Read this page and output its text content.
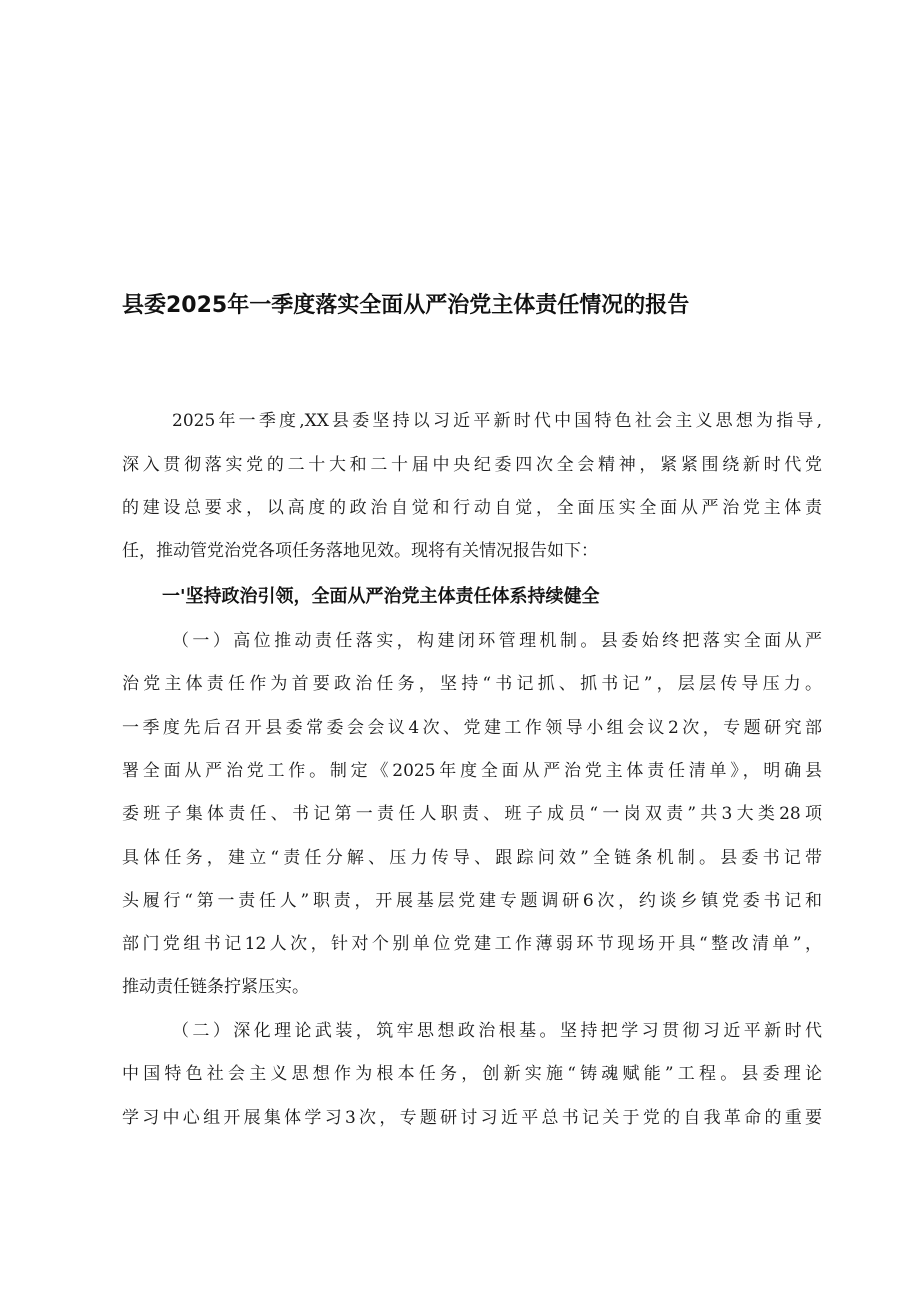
县委2025年一季度落实全面从严治党主体责任情况的报告
2025年一季度,XX县委坚持以习近平新时代中国特色社会主义思想为指导,
深入贯彻落实党的二十大和二十届中央纪委四次全会精神，紧紧围绕新时代党
的建设总要求，以高度的政治自觉和行动自觉，全面压实全面从严治党主体责
任，推动管党治党各项任务落地见效。现将有关情况报告如下：
一'坚持政治引领，全面从严治党主体责任体系持续健全
（一）高位推动责任落实，构建闭环管理机制。县委始终把落实全面从严
治党主体责任作为首要政治任务，坚持“书记抓、抓书记”，层层传导压力。
一季度先后召开县委常委会会议4次、党建工作领导小组会议2次，专题研究部
署全面从严治党工作。制定《2025年度全面从严治党主体责任清单》，明确县
委班子集体责任、书记第一责任人职责、班子成员“一岗双责”共3大类28项
具体任务，建立“责任分解、压力传导、跟踪问效”全链条机制。县委书记带
头履行“第一责任人”职责，开展基层党建专题调研6次，约谈乡镇党委书记和
部门党组书记12人次，针对个别单位党建工作薄弱环节现场开具“整改清单”，
推动责任链条拧紧压实。
（二）深化理论武装，筑牢思想政治根基。坚持把学习贯彻习近平新时代
中国特色社会主义思想作为根本任务，创新实施“铸魂赋能”工程。县委理论
学习中心组开展集体学习3次，专题研讨习近平总书记关于党的自我革命的重要
